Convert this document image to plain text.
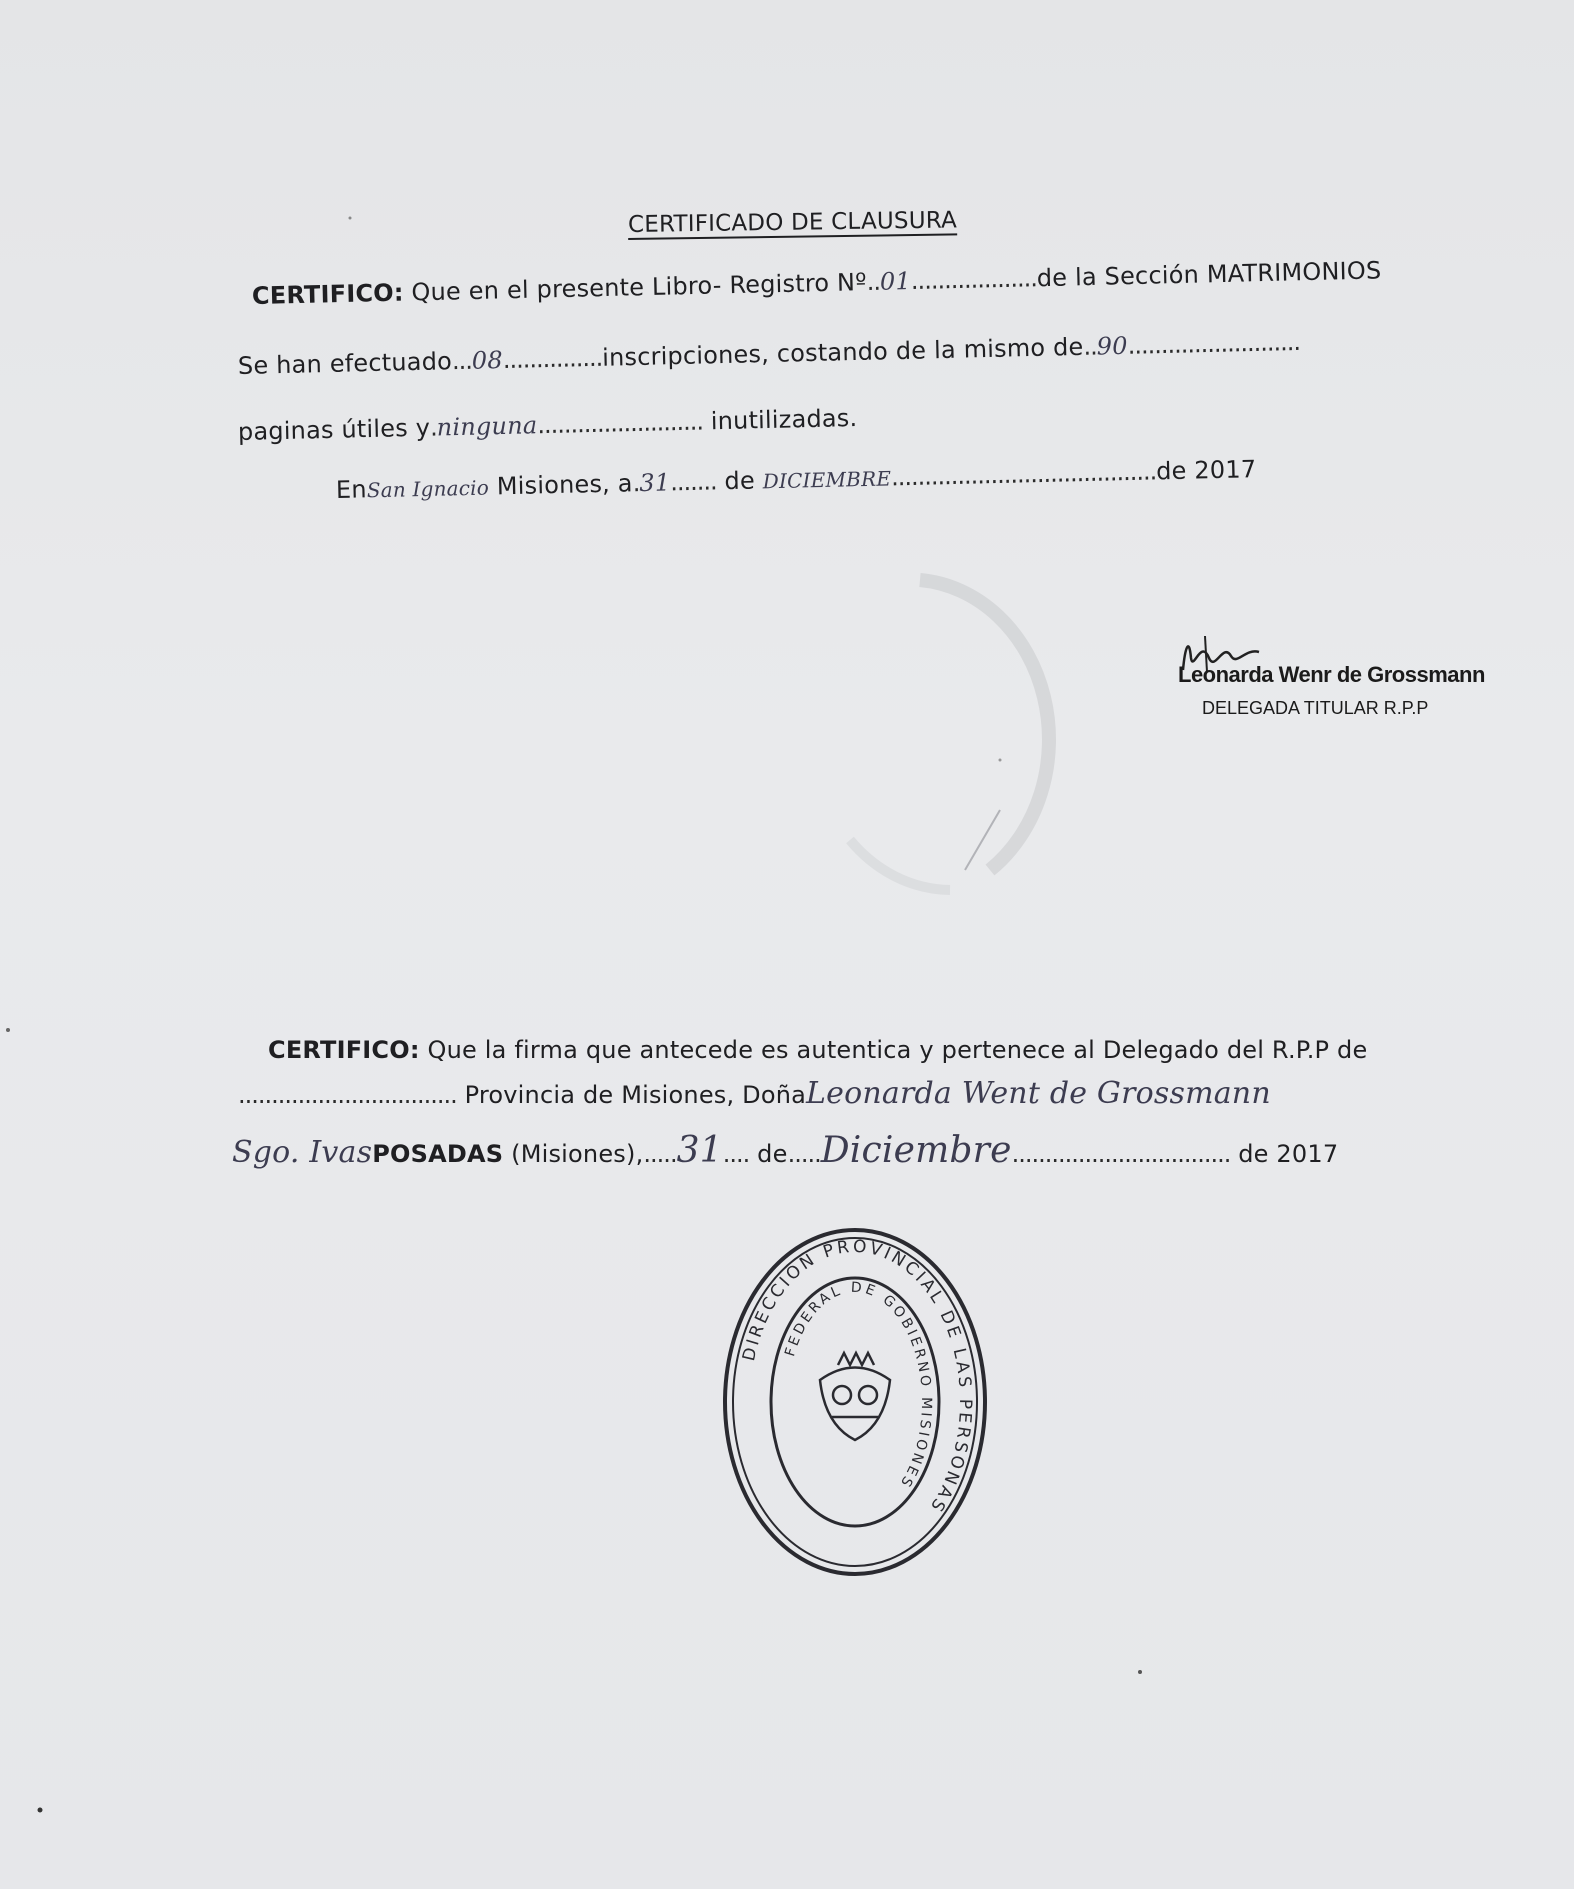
CERTIFICADO DE CLAUSURA
CERTIFICO: Que en el presente Libro- Registro Nº..01...................de la Sección MATRIMONIOS
Se han efectuado...08...............inscripciones, costando de la mismo de..90..........................
paginas útiles y.ninguna......................... inutilizadas.
EnSan Ignacio Misiones, a.31....... de DICIEMBRE........................................de 2017
Leonarda Wenr de Grossmann
DELEGADA TITULAR R.P.P
CERTIFICO: Que la firma que antecede es autentica y pertenece al Delegado del R.P.P de
................................. Provincia de Misiones, DoñaLeonarda Went de Grossmann
Sgo. IvasPOSADAS (Misiones),.....31.... de.....Diciembre................................. de 2017
DIRECCION PROVINCIAL DE LAS PERSONAS
FEDERAL DE GOBIERNO MISIONES
